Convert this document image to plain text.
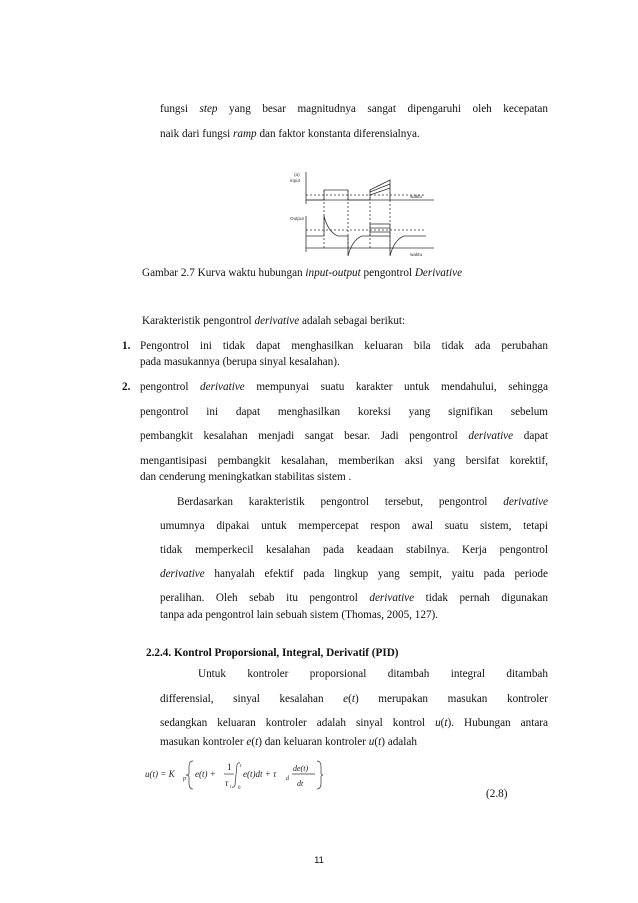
fungsi step yang besar magnitudnya sangat dipengaruhi oleh kecepatan
naik dari fungsi ramp dan faktor konstanta diferensialnya.
(a)
input
Output
waktu
waktu
Gambar 2.7 Kurva waktu hubungan input-output pengontrol Derivative
Karakteristik pengontrol derivative adalah sebagai berikut:
1. Pengontrol ini tidak dapat menghasilkan keluaran bila tidak ada perubahan
pada masukannya (berupa sinyal kesalahan).
2. pengontrol derivative mempunyai suatu karakter untuk mendahului, sehingga
pengontrol ini dapat menghasilkan koreksi yang signifikan sebelum
pembangkit kesalahan menjadi sangat besar. Jadi pengontrol derivative dapat
mengantisipasi pembangkit kesalahan, memberikan aksi yang bersifat korektif,
dan cenderung meningkatkan stabilitas sistem .
Berdasarkan karakteristik pengontrol tersebut, pengontrol derivative
umumnya dipakai untuk mempercepat respon awal suatu sistem, tetapi
tidak memperkecil kesalahan pada keadaan stabilnya. Kerja pengontrol
derivative hanyalah efektif pada lingkup yang sempit, yaitu pada periode
peralihan. Oleh sebab itu pengontrol derivative tidak pernah digunakan
tanpa ada pengontrol lain sebuah sistem (Thomas, 2005, 127).
2.2.4. Kontrol Proporsional, Integral, Derivatif (PID)
Untuk kontroler proporsional ditambah integral ditambah
differensial, sinyal kesalahan e(t) merupakan masukan kontroler
sedangkan keluaran kontroler adalah sinyal kontrol u(t). Hubungan antara
masukan kontroler e(t) dan keluaran kontroler u(t) adalah
u(t) = K p e(t) +
1
τ i
t
0
e(t)dt + τ d
de(t)
dt
(2.8)
11
